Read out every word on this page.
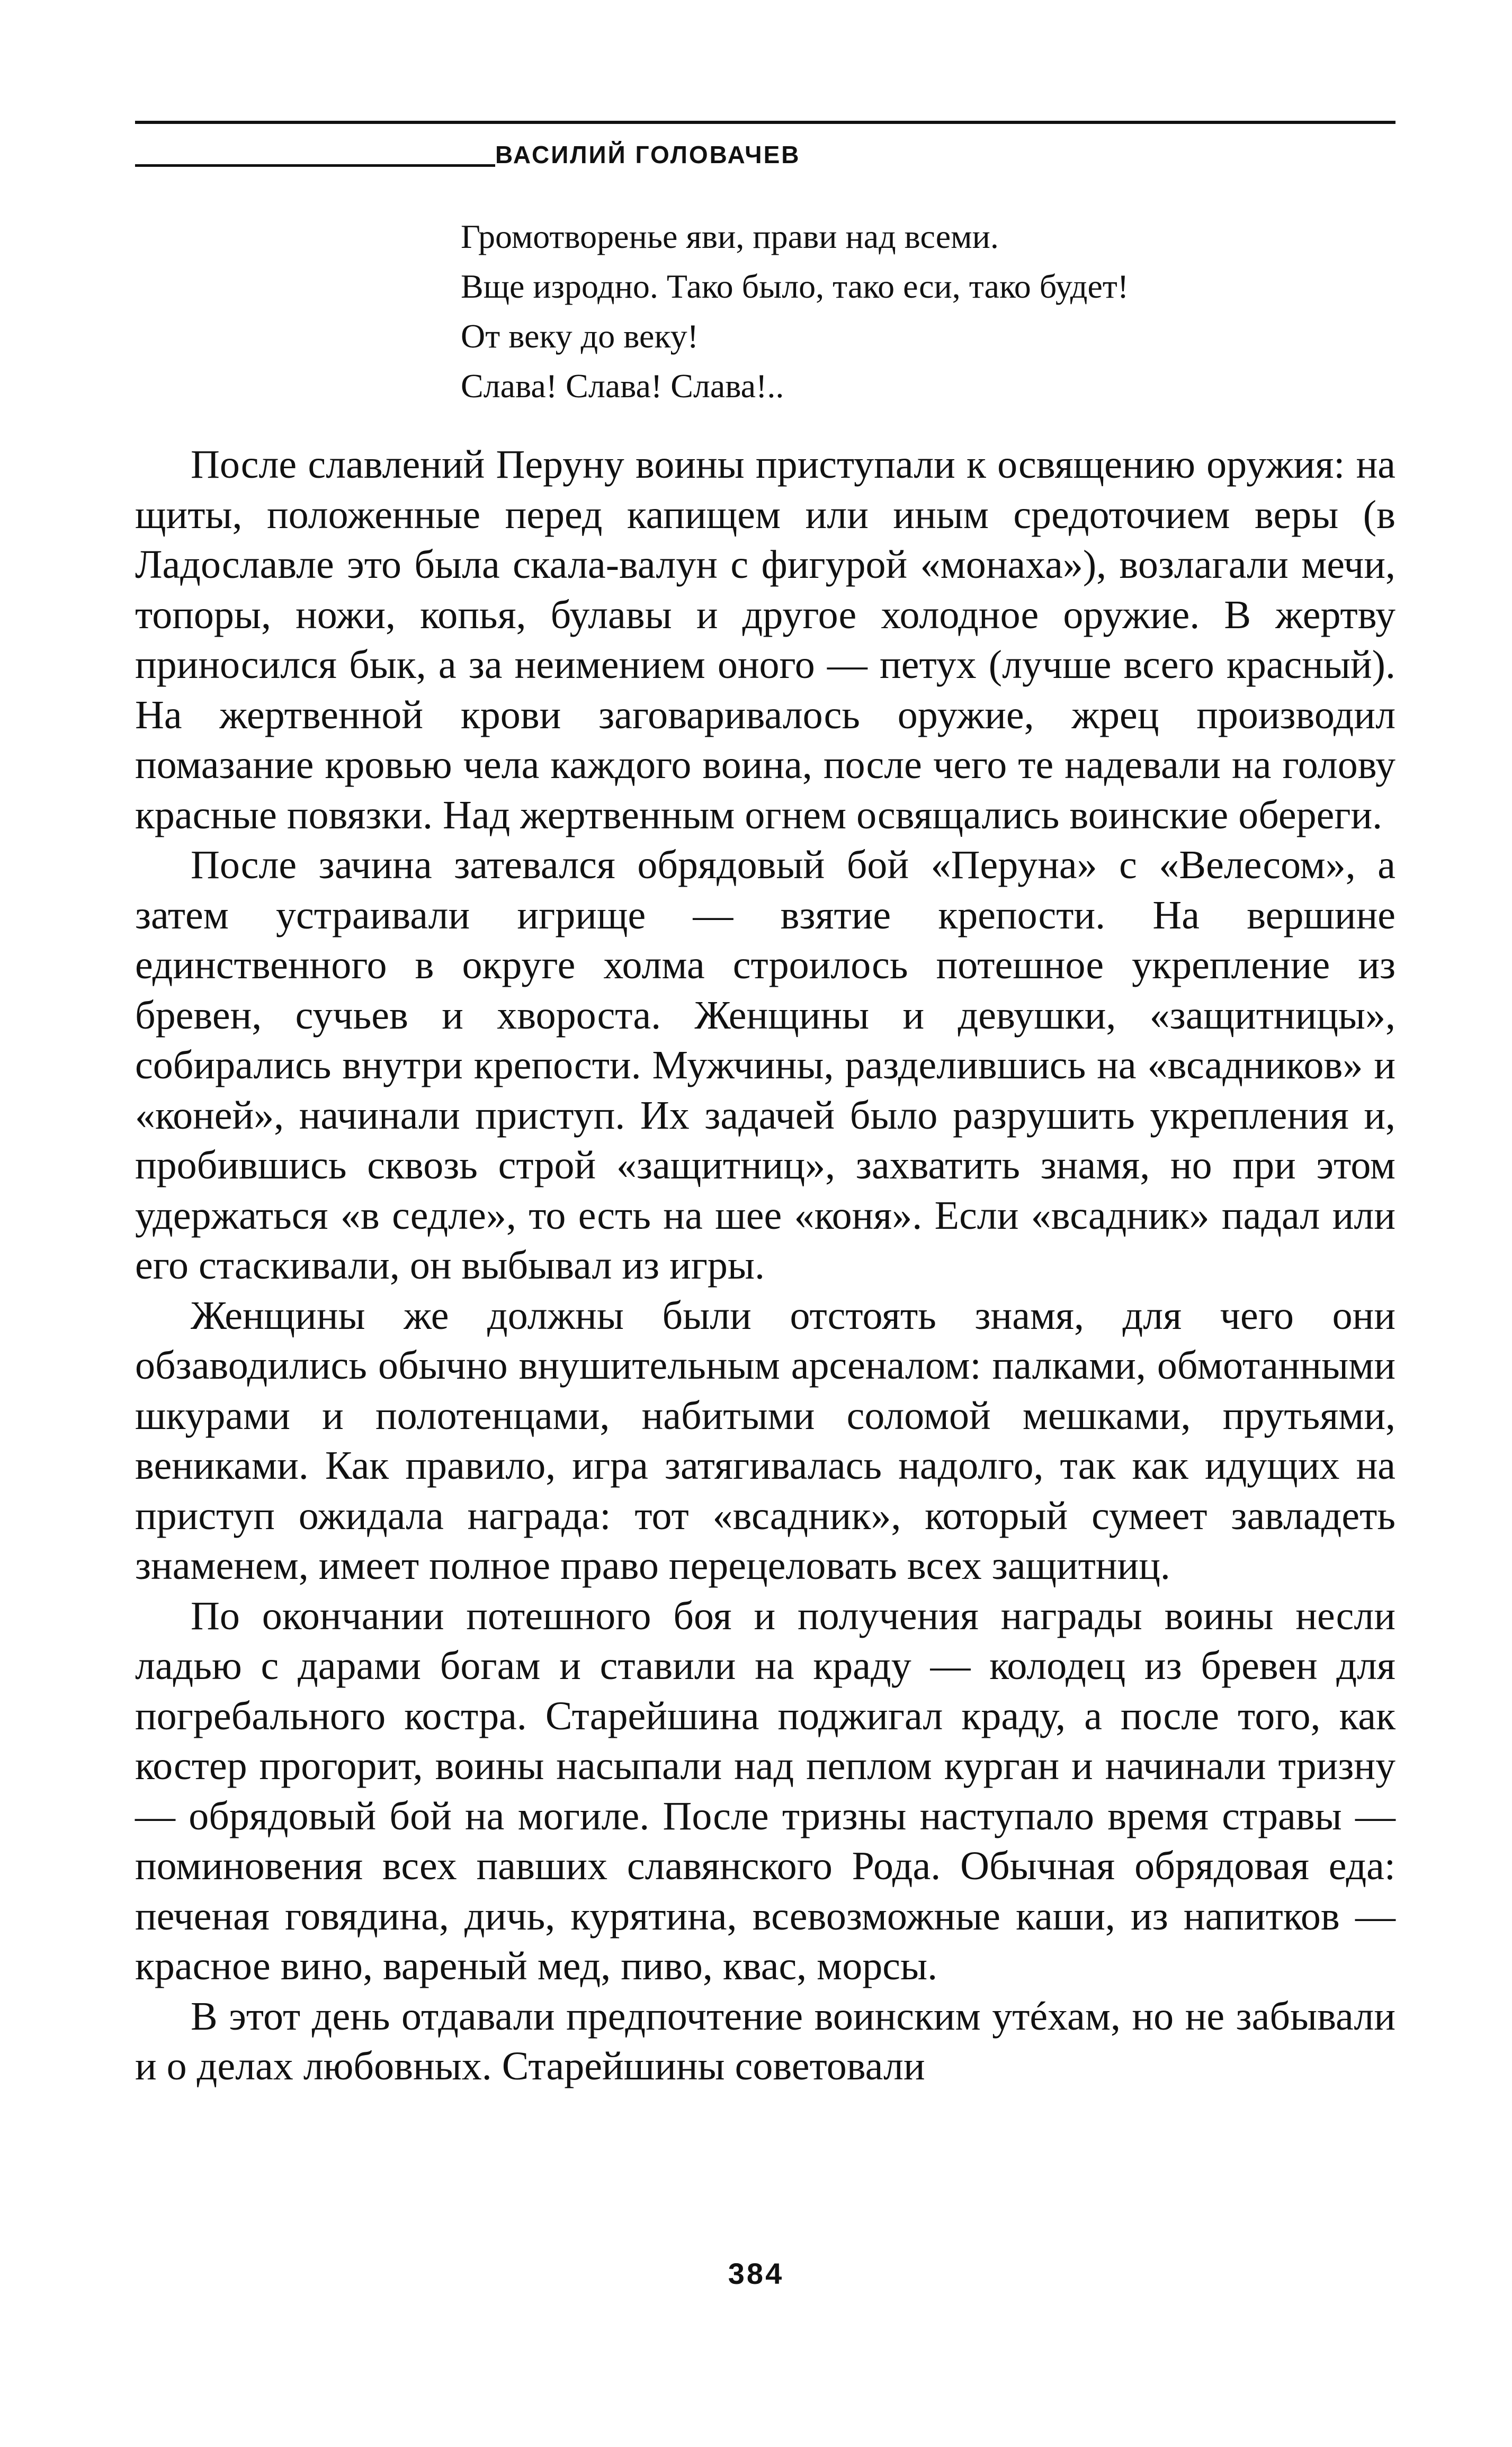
ВАСИЛИЙ ГОЛОВАЧЕВ
Громотворенье яви, прави над всеми.
Вще изродно. Тако было, тако еси, тако будет!
От веку до веку!
Слава! Слава! Слава!..

После славлений Перуну воины приступали к освящению оружия: на щиты, положенные перед капищем или иным средоточием веры (в Ладославле это была скала-валун с фигурой «монаха»), возлагали мечи, топоры, ножи, копья, булавы и другое холодное оружие. В жертву приносился бык, а за неимением оного — петух (лучше всего красный). На жертвенной крови заговаривалось оружие, жрец производил помазание кровью чела каждого воина, после чего те надевали на голову красные повязки. Над жертвенным огнем освящались воинские обереги.

После зачина затевался обрядовый бой «Перуна» с «Велесом», а затем устраивали игрище — взятие крепости. На вершине единственного в округе холма строилось потешное укрепление из бревен, сучьев и хвороста. Женщины и девушки, «защитницы», собирались внутри крепости. Мужчины, разделившись на «всадников» и «коней», начинали приступ. Их задачей было разрушить укрепления и, пробившись сквозь строй «защитниц», захватить знамя, но при этом удержаться «в седле», то есть на шее «коня». Если «всадник» падал или его стаскивали, он выбывал из игры.

Женщины же должны были отстоять знамя, для чего они обзаводились обычно внушительным арсеналом: палками, обмотанными шкурами и полотенцами, набитыми соломой мешками, прутьями, вениками. Как правило, игра затягивалась надолго, так как идущих на приступ ожидала награда: тот «всадник», который сумеет завладеть знаменем, имеет полное право перецеловать всех защитниц.

По окончании потешного боя и получения награды воины несли ладью с дарами богам и ставили на краду — колодец из бревен для погребального костра. Старейшина поджигал краду, а после того, как костер прогорит, воины насыпали над пеплом курган и начинали тризну — обрядовый бой на могиле. После тризны наступало время стравы — поминовения всех павших славянского Рода. Обычная обрядовая еда: печеная говядина, дичь, курятина, всевозможные каши, из напитков — красное вино, вареный мед, пиво, квас, морсы.

В этот день отдавали предпочтение воинским утéхам, но не забывали и о делах любовных. Старейшины советовали

384
